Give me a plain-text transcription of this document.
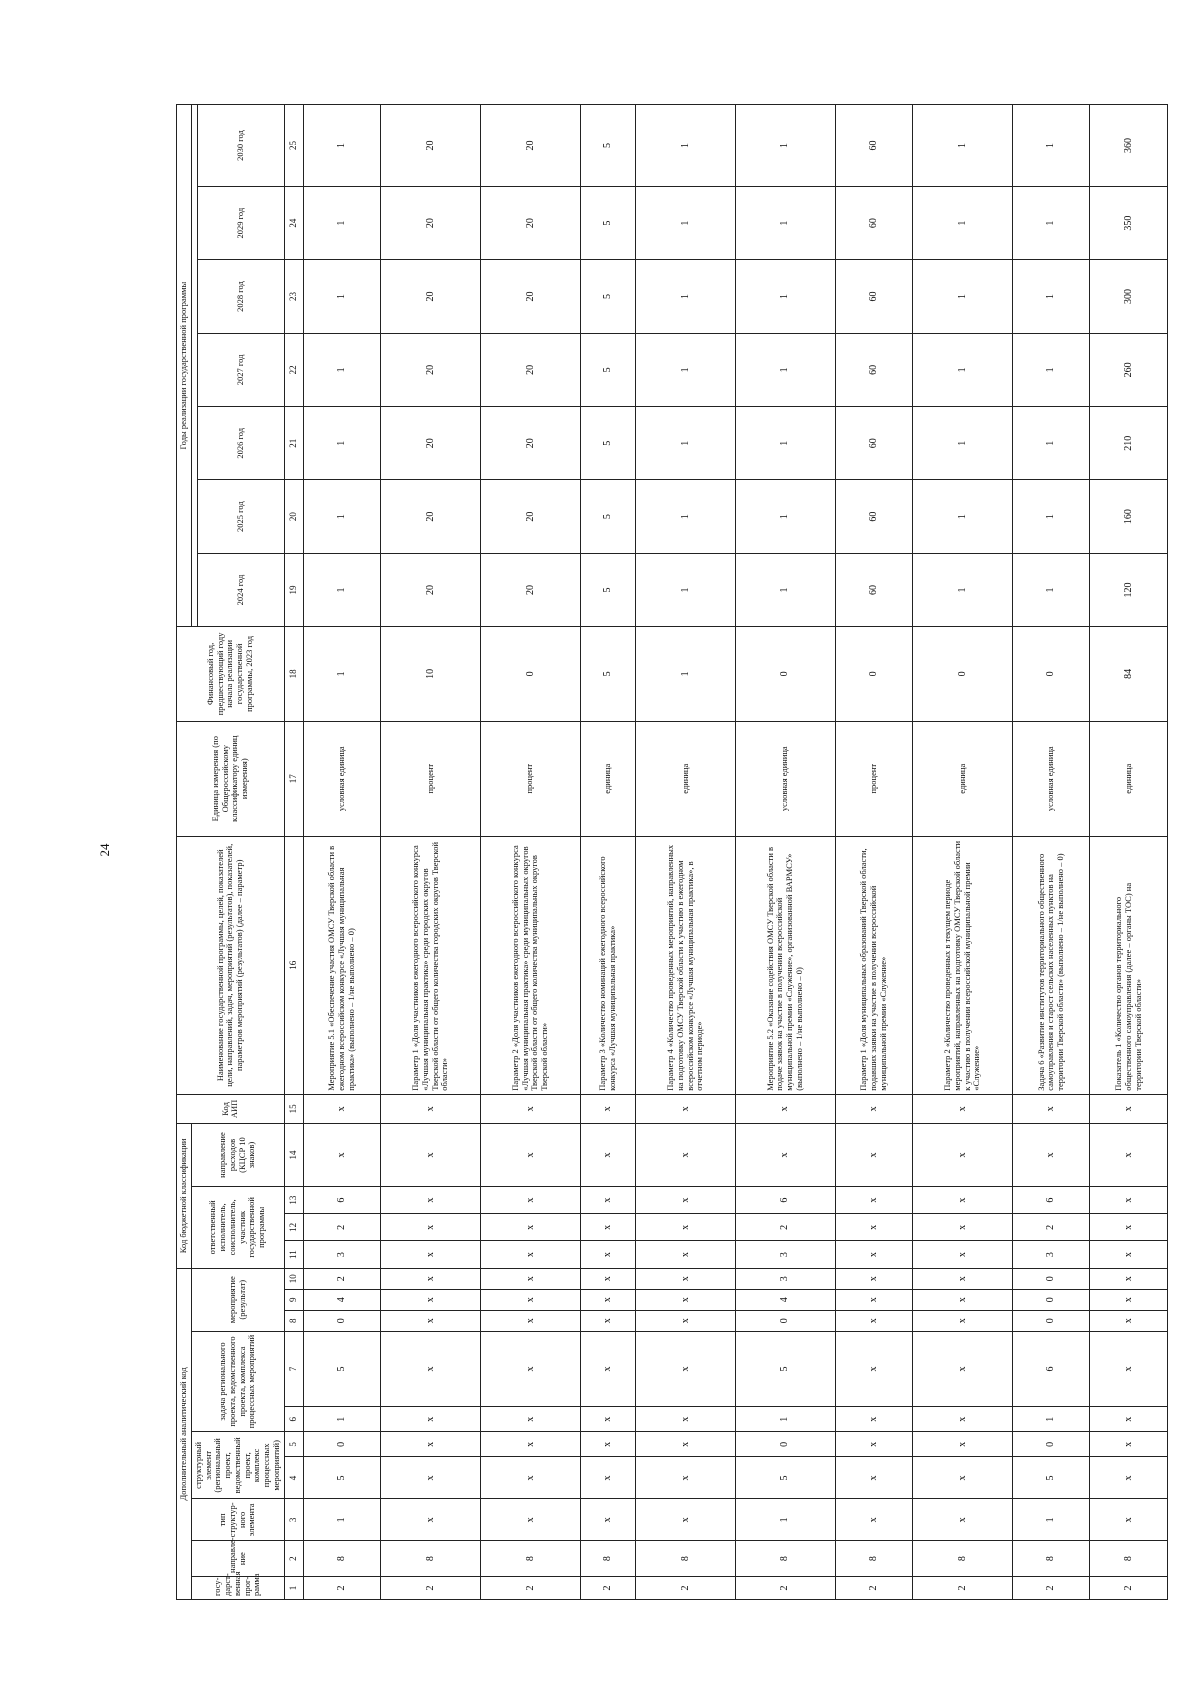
24
Дополнительный аналитический код										Код бюджетной классификации				Код АИП	Наименование государственной программы, целей, показателей цели, направлений, задач, мероприятий (результатов), показателей, параметров мероприятий (результатов) (далее – параметр)	Единица измерения (по Общероссийскому классификатору единиц измерения)	Финансовый год, предшествующий году начала реализации государственной программы, 2023 год	Годы реализации государственной программы						
госу-дарст-венная прог-рамма	направле-ние	тип структур-ного элемента	структурный элемент (региональный проект, ведомственный проект, комплекс процессных мероприятий)		задача регионального проекта, ведомственного проекта, комплекса процессных мероприятий		мероприятие (результат)			ответственный исполнитель, соисполнитель, участник государственной программы			направление расходов (КЦСР 10 знаков)											
																		2024 год	2025 год	2026 год	2027 год	2028 год	2029 год	2030 год
1	2	3	4	5	6	7	8	9	10	11	12	13	14	15	16	17	18	19	20	21	22	23	24	25
2	8	1	5	0	1	5	0	4	2	3	2	6	х	х	Мероприятие 5.1 «Обеспечение участия ОМСУ Тверской области в ежегодном всероссийском конкурсе «Лучшая муниципальная практика» (выполнено – 1/не выполнено – 0)	условная единица	1	1	1	1	1	1	1	1
2	8	х	х	х	х	х	х	х	х	х	х	х	х	х	Параметр 1 «Доля участников ежегодного всероссийского конкурса «Лучшая муниципальная практика» среди городских округов Тверской области от общего количества городских округов Тверской области»	процент	10	20	20	20	20	20	20	20
2	8	х	х	х	х	х	х	х	х	х	х	х	х	х	Параметр 2 «Доля участников ежегодного всероссийского конкурса «Лучшая муниципальная практика» среди муниципальных округов Тверской области от общего количества муниципальных округов Тверской области»	процент	0	20	20	20	20	20	20	20
2	8	х	х	х	х	х	х	х	х	х	х	х	х	х	Параметр 3 «Количество номинаций ежегодного всероссийского конкурса «Лучшая муниципальная практика»	единица	5	5	5	5	5	5	5	5
2	8	х	х	х	х	х	х	х	х	х	х	х	х	х	Параметр 4 «Количество проведенных мероприятий, направленных на подготовку ОМСУ Тверской области к участию в ежегодном всероссийском конкурсе «Лучшая муниципальная практика», в отчетном периоде»	единица	1	1	1	1	1	1	1	1
2	8	1	5	0	1	5	0	4	3	3	2	6	х	х	Мероприятие 5.2 «Оказание содействия ОМСУ Тверской области в подаче заявок на участие в получении всероссийской муниципальной премии «Служение», организованной ВАРМСУ» (выполнено – 1/не выполнено – 0)	условная единица	0	1	1	1	1	1	1	1
2	8	х	х	х	х	х	х	х	х	х	х	х	х	х	Параметр 1 «Доля муниципальных образований Тверской области, подавших заявки на участие в получении всероссийской муниципальной премии «Служение»	процент	0	60	60	60	60	60	60	60
2	8	х	х	х	х	х	х	х	х	х	х	х	х	х	Параметр 2 «Количество проведенных в текущем периоде мероприятий, направленных на подготовку ОМСУ Тверской области к участию в получении всероссийской муниципальной премии «Служение»	единица	0	1	1	1	1	1	1	1
2	8	1	5	0	1	6	0	0	0	3	2	6	х	х	Задача 6 «Развитие институтов территориального общественного самоуправления и старост сельских населенных пунктов на территории Тверской области» (выполнено – 1/не выполнено – 0)	условная единица	0	1	1	1	1	1	1	1
2	8	х	х	х	х	х	х	х	х	х	х	х	х	х	Показатель 1 «Количество органов территориального общественного самоуправления (далее – органы ТОС) на территории Тверской области»	единица	84	120	160	210	260	300	350	360
